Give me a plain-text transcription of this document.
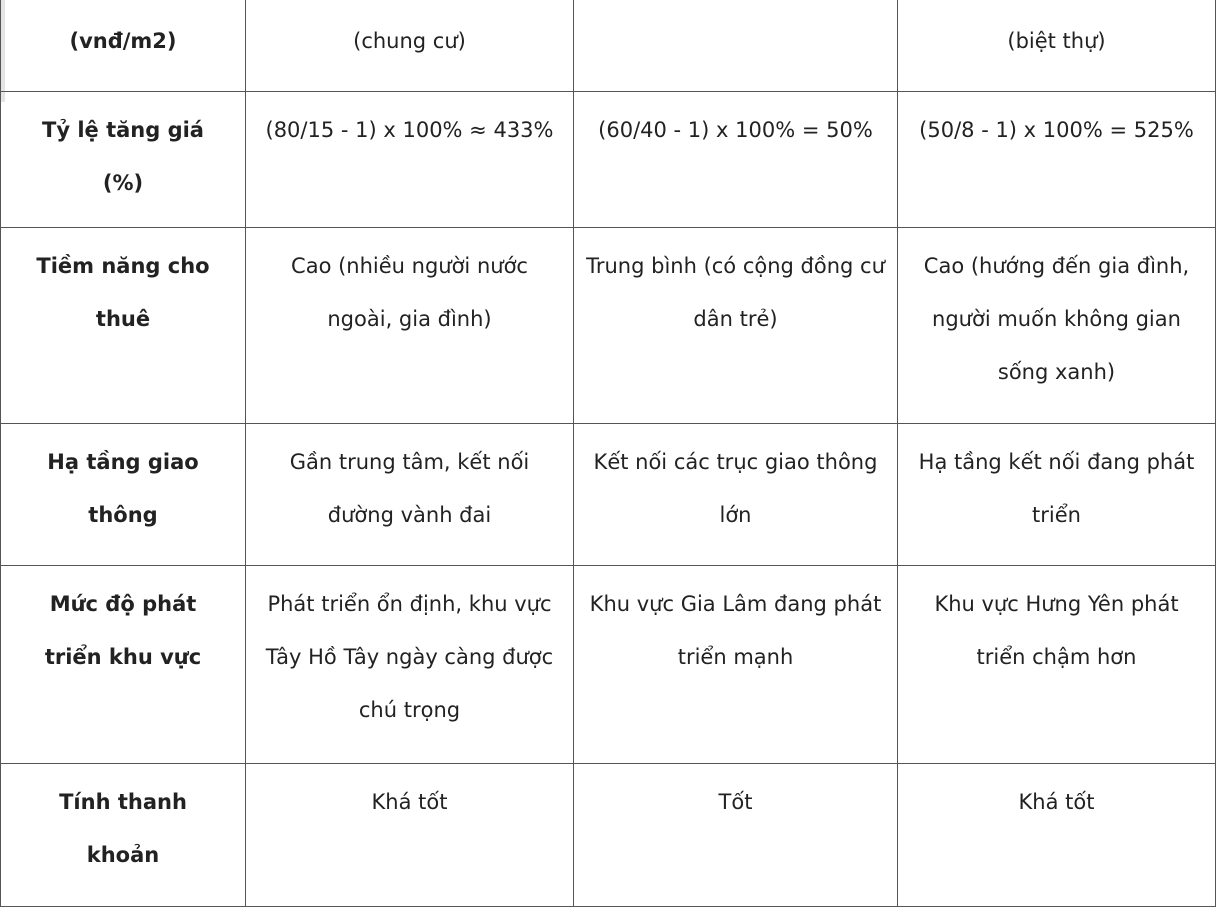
(vnđ/m2)	(chung cư)		(biệt thự)
Tỷ lệ tăng giá (%)	(80/15 - 1) x 100% ≈ 433%	(60/40 - 1) x 100% = 50%	(50/8 - 1) x 100% = 525%
Tiềm năng cho thuê	Cao (nhiều người nước ngoài, gia đình)	Trung bình (có cộng đồng cư dân trẻ)	Cao (hướng đến gia đình, người muốn không gian sống xanh)
Hạ tầng giao thông	Gần trung tâm, kết nối đường vành đai	Kết nối các trục giao thông lớn	Hạ tầng kết nối đang phát triển
Mức độ phát triển khu vực	Phát triển ổn định, khu vực Tây Hồ Tây ngày càng được chú trọng	Khu vực Gia Lâm đang phát triển mạnh	Khu vực Hưng Yên phát triển chậm hơn
Tính thanh khoản	Khá tốt	Tốt	Khá tốt
